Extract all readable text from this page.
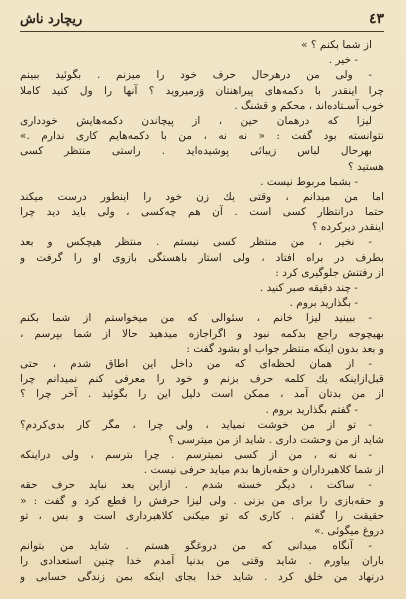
٤٣
ریچارد ناش
از شما بکنم ؟ »
- خیر .
- ولی من درهرحال حرف خود را میزنم . بگوئید ببینم
چرا اینقدر با دکمه‌های پیراهنتان وَرمیروید ؟ آنها را ول کنید کاملا
خوب آسـتاده‌اند ، محکم و قشنگ .
لیزا که درهمان حین ، از پیچاندن دکمه‌هایش خودداری
نتوانسته بود گفت : « نه نه ، من با دکمه‌هایم کاری ندارم .»
بهرحال لباس زیبائی پوشیده‌اید . راستی منتظر کسی
هستید ؟
- بشما مربوط نیست .
اما من میدانم ، وقتی یك زن خود را اینطور درست میکند
حتما درانتظار کسی است . آن هم چه‌کسی ، ولی باید دید چرا
اینقدر دیرکرده ؟
- نخیر ، من منتظر کسی نیستم . منتظر هیچکس و بعد
بطرف در براه افتاد ، ولی استار باهستگی بازوی او را گرفت و
از رفتنش جلوگیری کرد :
- چند دقیقه صبر کنید .
- بگذارید بروم .
- ببینید لیزا خانم ، سئوالی که من میخواستم از شما بکنم
بهیچوجه راجع بدکمه نبود و اگراجازه میدهید حالا از شما بپرسم ،
و بعد بدون اینکه منتظر جواب او بشود گفت :
- از همان لحظه‌ای که من داخل این اطاق شدم ، حتی
قبل‌ازاینکه یك کلمه حرف بزنم و خود را معرفی کنم نمیدانم چرا
از من بدتان آمد ، ممکن است دلیل این را بگوئید . آخر چرا ؟
- گفتم بگذارید بروم .
- تو از من خوشت نمیاید ، ولی چرا ، مگر کار بدی‌کردم‌؟
شاید از من وحشت داری . شاید از من میترسی ؟
- نه نه ، من از کسی نمیترسم . چرا بترسم ، ولی دراینکه
از شما کلاهبرداران و حقه‌بازها بدم میاید حرفی نیست .
- ساکت ، دیگر خسته شدم . ازاین بعد نباید حرف حقه
و حقه‌بازی را برای من بزنی . ولی لیزا حرفش را قطع کرد و گفت : «
حقیقت را گفتم . کاری که تو میکنی کلاهبرداری است و بس ، تو
دروغ میگوئی .»
- آنگاه میدانی که من دروغگو هستم . شاید من بتوانم
باران بیاورم . شاید وقتی من بدنیا آمدم خدا چنین استعدادی را
درنهاد من خلق کرد . شاید خدا بجای اینکه بمن زندگی حسابی و
